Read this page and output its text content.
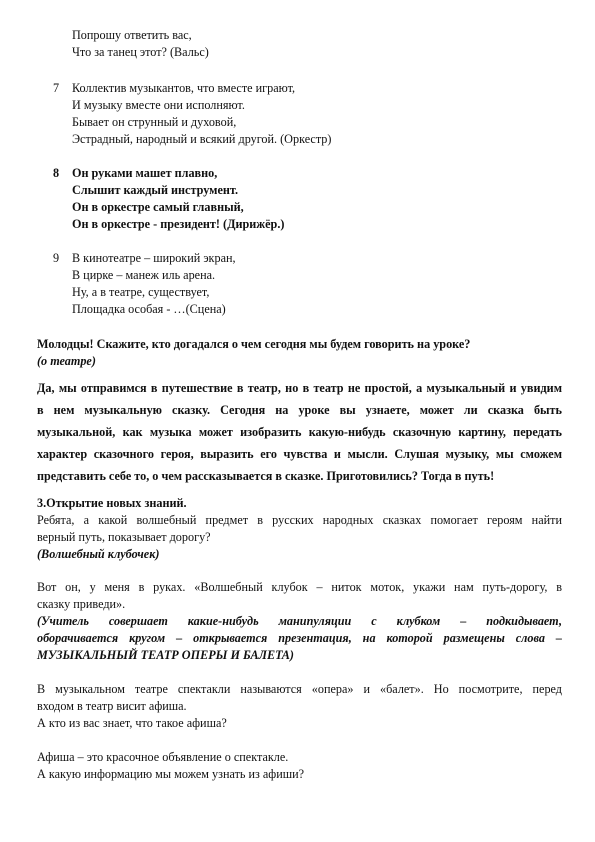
Попрошу ответить вас,
Что за танец этот? (Вальс)
7 Коллектив музыкантов, что вместе играют,
И музыку вместе они исполняют.
Бывает он струнный и духовой,
Эстрадный, народный и всякий другой. (Оркестр)
8 Он руками машет плавно,
Слышит каждый инструмент.
Он в оркестре самый главный,
Он в оркестре - президент! (Дирижёр.)
9 В кинотеатре – широкий экран,
В цирке – манеж иль арена.
Ну, а в театре, существует,
Площадка особая - …(Сцена)
Молодцы! Скажите, кто догадался о чем сегодня мы будем говорить на уроке?
(о театре)
Да, мы отправимся в путешествие в театр, но в театр не простой, а музыкальный и увидим
в нем музыкальную сказку. Сегодня на уроке вы узнаете, может ли сказка быть
музыкальной, как музыка может изобразить какую-нибудь сказочную картину, передать
характер сказочного героя, выразить его чувства и мысли. Слушая музыку, мы сможем
представить себе то, о чем рассказывается в сказке. Приготовились? Тогда в путь!
3.Открытие новых знаний.
Ребята, а какой волшебный предмет в русских народных сказках помогает героям найти
верный путь, показывает дорогу?
(Волшебный клубочек)
Вот он, у меня в руках. «Волшебный клубок – ниток моток, укажи нам путь-дорогу, в
сказку приведи».
(Учитель совершает какие-нибудь манипуляции с клубком – подкидывает,
оборачивается кругом – открывается презентация, на которой размещены слова –
МУЗЫКАЛЬНЫЙ ТЕАТР ОПЕРЫ И БАЛЕТА)
В музыкальном театре спектакли называются «опера» и «балет». Но посмотрите, перед
входом в театр висит афиша.
А кто из вас знает, что такое афиша?
Афиша – это красочное объявление о спектакле.
А какую информацию мы можем узнать из афиши?
